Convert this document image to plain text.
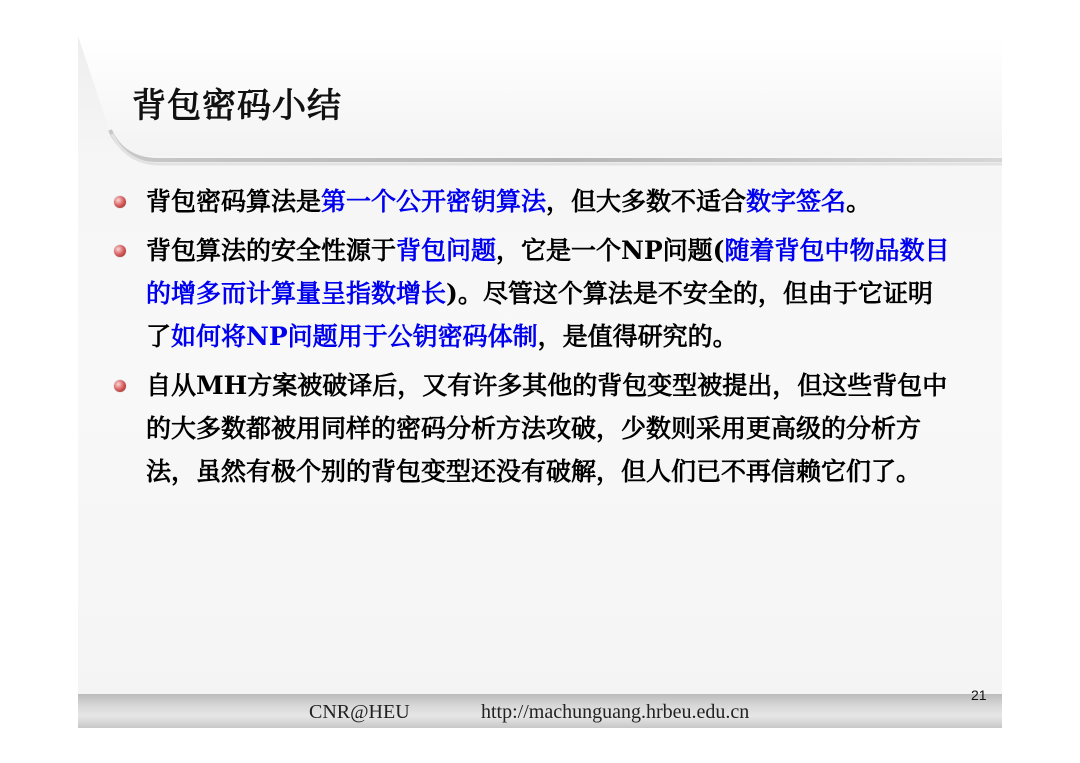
背包密码小结
背包密码算法是第一个公开密钥算法，但大多数不适合数字签名。
背包算法的安全性源于背包问题，它是一个NP问题(随着背包中物品数目的增多而计算量呈指数增长)。尽管这个算法是不安全的，但由于它证明了如何将NP问题用于公钥密码体制，是值得研究的。
自从MH方案被破译后，又有许多其他的背包变型被提出，但这些背包中的大多数都被用同样的密码分析方法攻破，少数则采用更高级的分析方法，虽然有极个别的背包变型还没有破解，但人们已不再信赖它们了。
CNR@HEU	http://machunguang.hrbeu.edu.cn
21
